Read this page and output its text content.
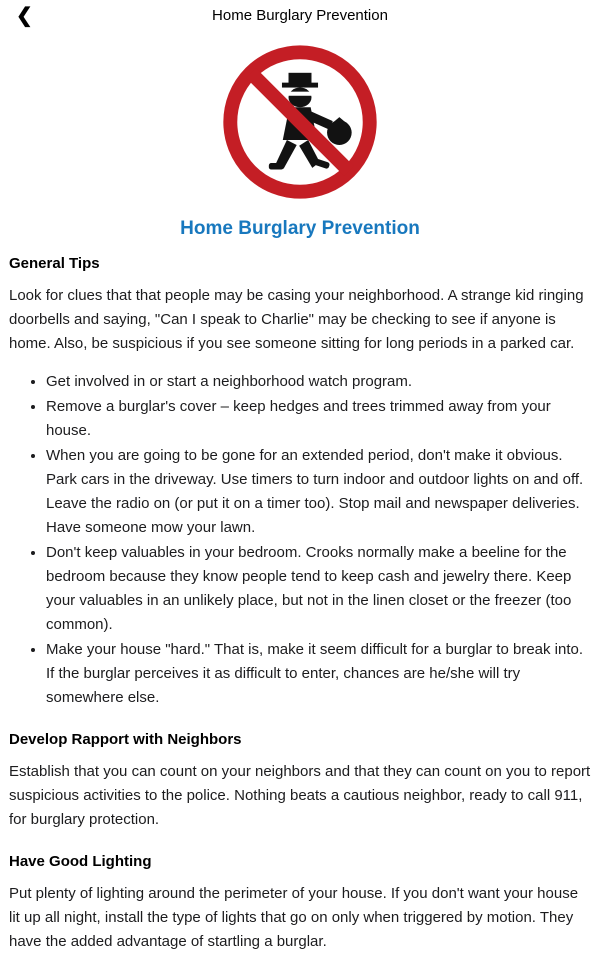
❮	Home Burglary Prevention
Home Burglary Prevention
General Tips

Look for clues that that people may be casing your neighborhood. A strange kid ringing doorbells and saying, "Can I speak to Charlie" may be checking to see if anyone is home. Also, be suspicious if you see someone sitting for long periods in a parked car.

• Get involved in or start a neighborhood watch program.
• Remove a burglar's cover – keep hedges and trees trimmed away from your house.
• When you are going to be gone for an extended period, don't make it obvious. Park cars in the driveway. Use timers to turn indoor and outdoor lights on and off. Leave the radio on (or put it on a timer too). Stop mail and newspaper deliveries. Have someone mow your lawn.
• Don't keep valuables in your bedroom. Crooks normally make a beeline for the bedroom because they know people tend to keep cash and jewelry there. Keep your valuables in an unlikely place, but not in the linen closet or the freezer (too common).
• Make your house "hard." That is, make it seem difficult for a burglar to break into. If the burglar perceives it as difficult to enter, chances are he/she will try somewhere else.
Develop Rapport with Neighbors

Establish that you can count on your neighbors and that they can count on you to report suspicious activities to the police. Nothing beats a cautious neighbor, ready to call 911, for burglary protection.

Have Good Lighting

Put plenty of lighting around the perimeter of your house. If you don't want your house lit up all night, install the type of lights that go on only when triggered by motion. They have the added advantage of startling a burglar.
